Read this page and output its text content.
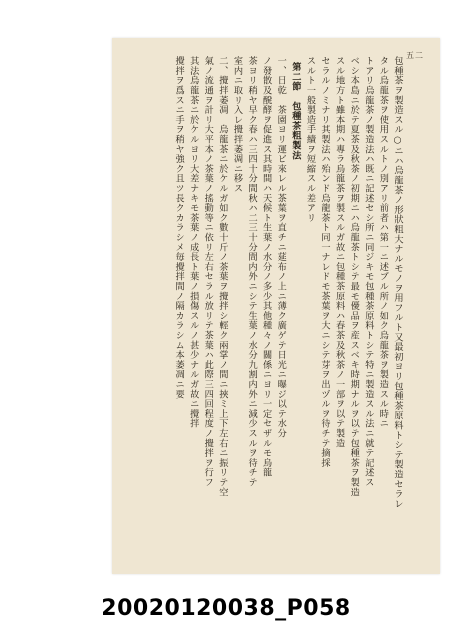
五二

包種茶ヲ製造スル○ニハ烏龍茶ノ形狀粗大ナルモノヲ用フルト又最初ヨリ包種茶原料トシテ製造セラレ

タル烏龍茶ヲ使用スルトノ別アリ前者ハ第一ニ述ブル所ノ如ク烏龍茶ヲ製造スル時ニ

トアリ烏龍茶ノ製造法ハ既ニ記述セシ所ニ同ジキモ包種茶原料トシテ特ニ製造スル法ニ就テ記述ス

ベシ本島ニ於テ夏茶及秋茶ノ初期ニハ烏龍茶トシテ最モ優品ヲ産スベキ時期ナルヲ以テ包種茶ヲ製造

スル地方ト雖本期ハ專ラ烏龍茶ヲ製スルガ故ニ包種茶原料ハ春茶及秋茶ノ一部ヲ以テ製造

セラルノミナリ其製法ハ殆ンド烏龍茶ト同一ナレドモ茶葉ヲ大ニシテ芽ヲ出ヅルヲ待チテ摘採

スルト一般製造手續ヲ短縮スル差アリ

第二節　包種茶粗製法

一、日乾　茶園ヨリ運ビ來レル茶葉ヲ直チニ莚布ノ上ニ薄ク廣ゲテ日光ニ曝ジ以テ水分

ノ發散及醗酵ヲ促進ス其時間ハ天候ト生葉ノ水分ノ多少其他種々ノ關係ニヨリ一定セザルモ烏龍

茶ヨリ稍ヤ早ク春ハ三四十分間秋ハ二三十分間内外ニシテ生葉ノ水分九割内外ニ減少スルヲ待チテ

室内ニ取リ入レ攪拌萎凋ニ移ス

二、攪拌萎凋　烏龍茶ニ於ケルガ如ク數十斤ノ茶葉ヲ攪拌シ輕ク兩掌ノ間ニ挾ミ上下左右ニ振リテ空

氣ノ流通ヲ計リ大平本ノ茶葉ノ搖動等ニ依リ左右セラル放リテ茶葉ハ此際三四回程度ノ攪拌ヲ行フ

其法烏龍茶ニ於ケルヨリ大差ナキモ茶葉ノ成長ト葉ノ損傷スルノ甚少ナルガ故ニ攪拌

攪拌ヲ爲スニ手ヲ稍ヤ強ク且ツ長クカラシメ毎攪拌間ノ隔カラシム本萎凋ニ要

20020120038_P058
